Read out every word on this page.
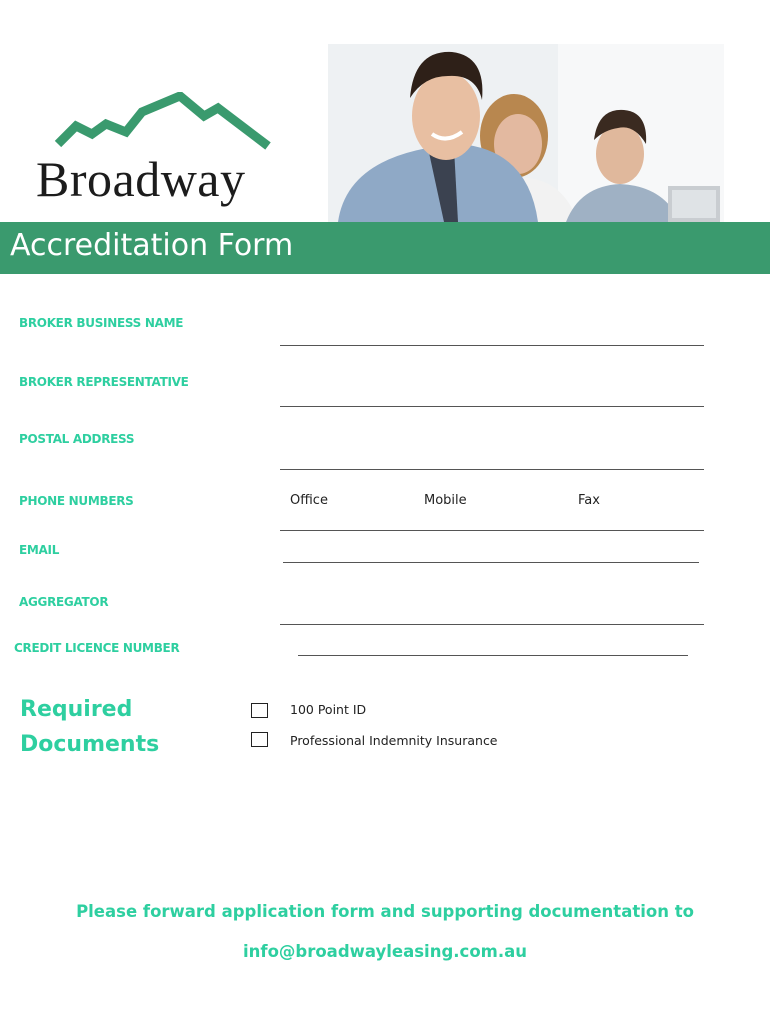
Broadway
Accreditation Form
BROKER BUSINESS NAME
BROKER REPRESENTATIVE
POSTAL ADDRESS
PHONE NUMBERS	Office	Mobile	Fax
EMAIL
AGGREGATOR
CREDIT LICENCE NUMBER
Required
Documents
100 Point ID
Professional Indemnity Insurance
Please forward application form and supporting documentation to
info@broadwayleasing.com.au
